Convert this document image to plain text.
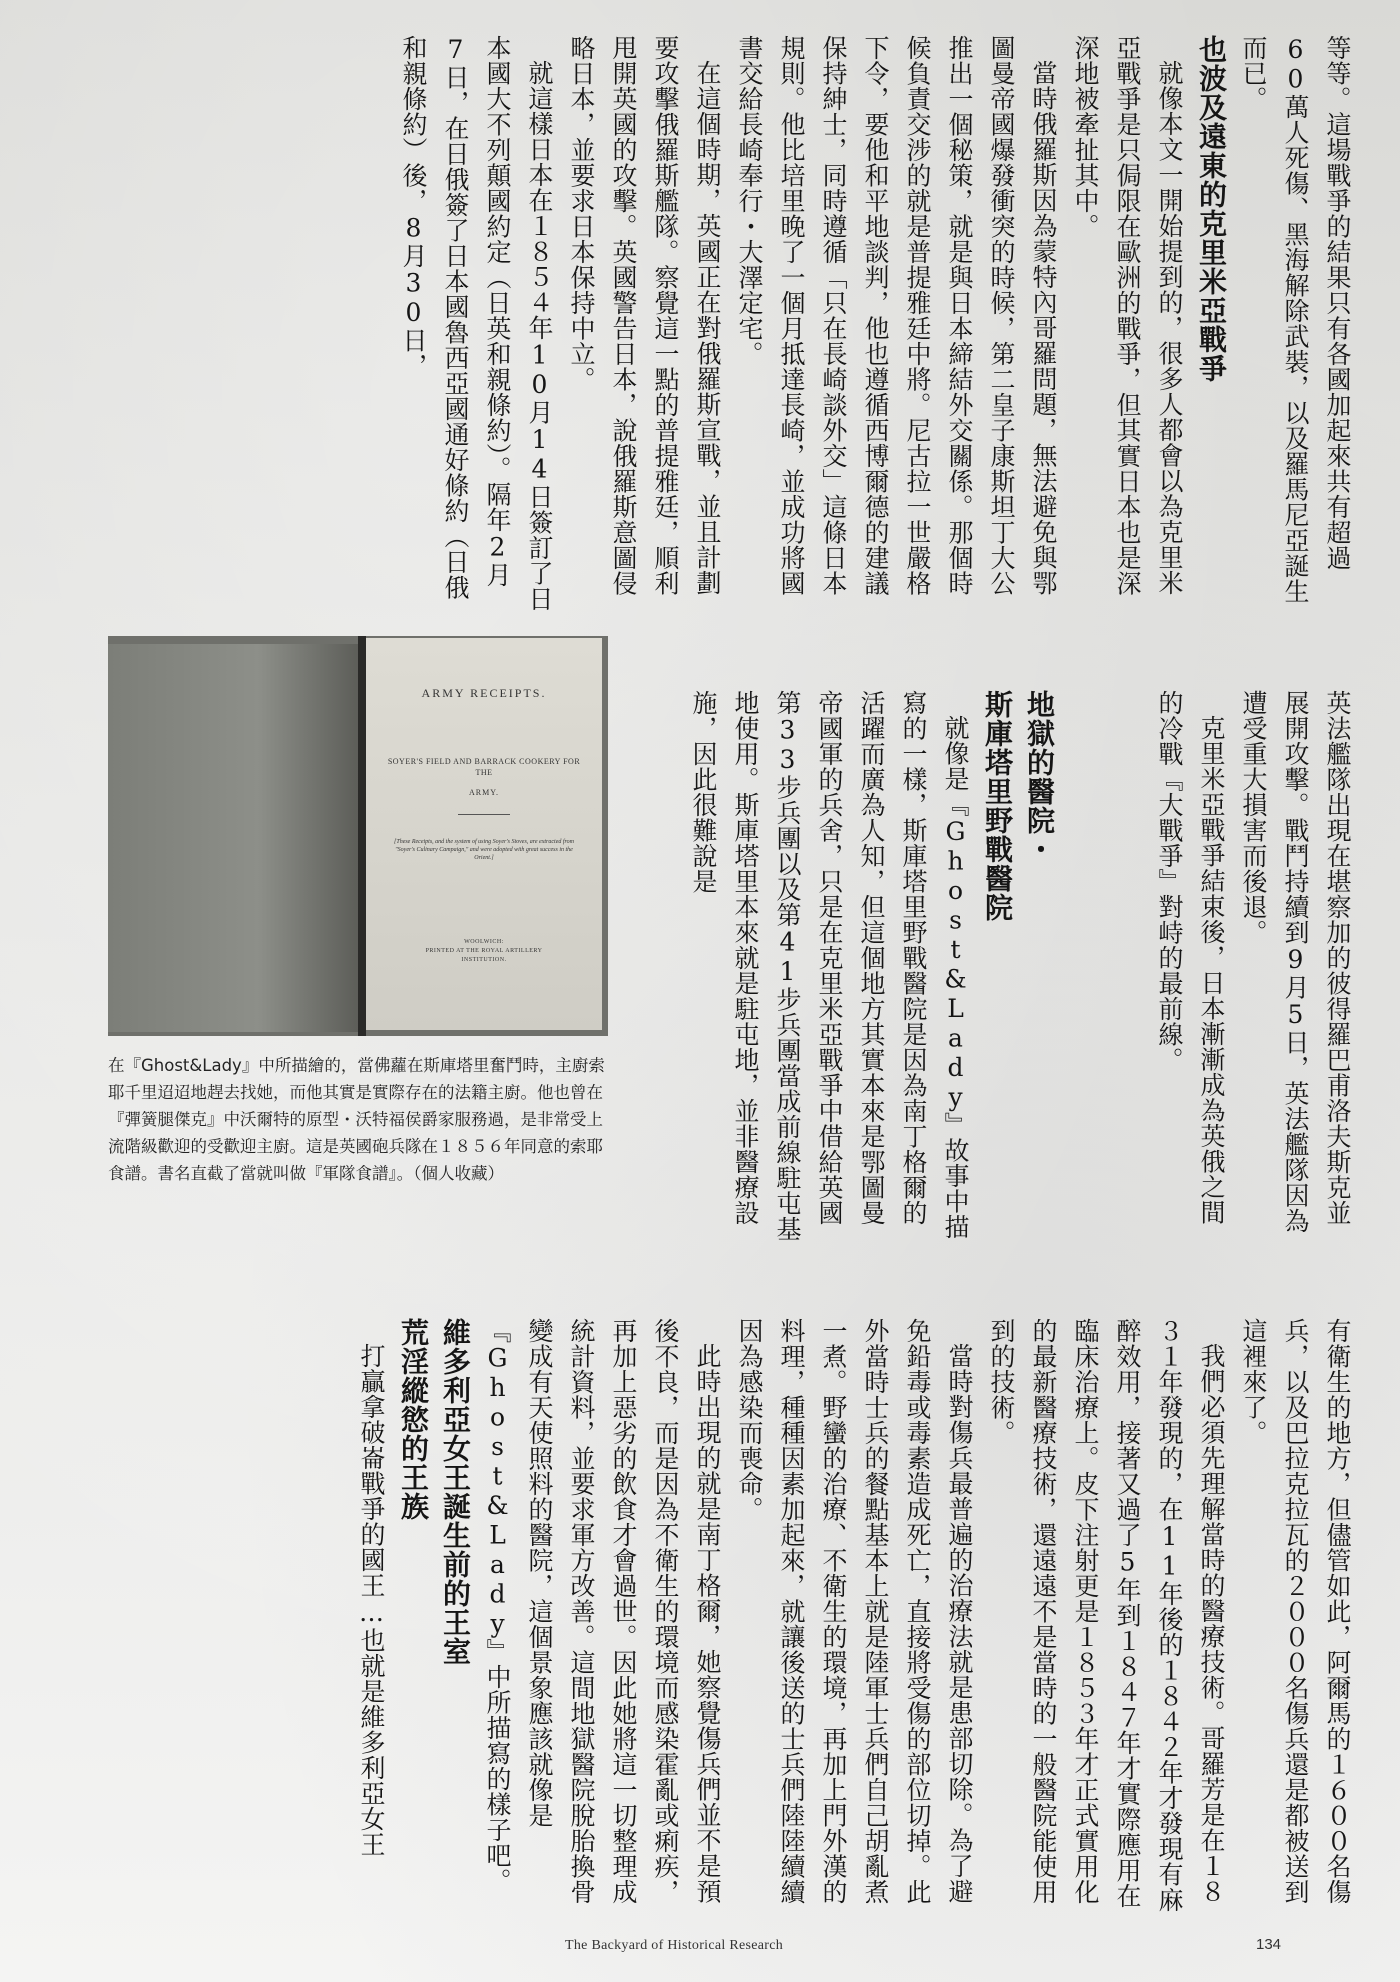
等等。這場戰爭的結果只有各國加起來共有超過60萬人死傷、黑海解除武裝，以及羅馬尼亞誕生而已。

也波及遠東的克里米亞戰爭

就像本文一開始提到的，很多人都會以為克里米亞戰爭是只侷限在歐洲的戰爭，但其實日本也是深深地被牽扯其中。

當時俄羅斯因為蒙特內哥羅問題，無法避免與鄂圖曼帝國爆發衝突的時候，第二皇子康斯坦丁大公推出一個秘策，就是與日本締結外交關係。那個時候負責交涉的就是普提雅廷中將。尼古拉一世嚴格下令，要他和平地談判，他也遵循西博爾德的建議保持紳士，同時遵循「只在長崎談外交」這條日本規則。他比培里晚了一個月抵達長崎，並成功將國書交給長崎奉行・大澤定宅。

在這個時期，英國正在對俄羅斯宣戰，並且計劃要攻擊俄羅斯艦隊。察覺這一點的普提雅廷，順利甩開英國的攻擊。英國警告日本，說俄羅斯意圖侵略日本，並要求日本保持中立。

就這樣日本在１８５４年10月14日簽訂了日本國大不列顛國約定（日英和親條約）。隔年2月7日，在日俄簽了日本國魯西亞國通好條約（日俄和親條約）後，8月30日，

英法艦隊出現在堪察加的彼得羅巴甫洛夫斯克並展開攻擊。戰鬥持續到9月5日，英法艦隊因為遭受重大損害而後退。

克里米亞戰爭結束後，日本漸漸成為英俄之間的冷戰『大戰爭』對峙的最前線。

地獄的醫院・
斯庫塔里野戰醫院

就像是『Ghost&Lady』故事中描寫的一樣，斯庫塔里野戰醫院是因為南丁格爾的活躍而廣為人知，但這個地方其實本來是鄂圖曼帝國軍的兵舍，只是在克里米亞戰爭中借給英國第33步兵團以及第41步兵團當成前線駐屯基地使用。斯庫塔里本來就是駐屯地，並非醫療設施，因此很難說是

有衛生的地方，但儘管如此，阿爾馬的１６００名傷兵，以及巴拉克拉瓦的２０００名傷兵還是都被送到這裡來了。

我們必須先理解當時的醫療技術。哥羅芳是在１８３１年發現的，在11年後的１８４２年才發現有麻醉效用，接著又過了5年到１８４７年才實際應用在臨床治療上。皮下注射更是１８５３年才正式實用化的最新醫療技術，還遠遠不是當時的一般醫院能使用到的技術。

當時對傷兵最普遍的治療法就是患部切除。為了避免鉛毒或毒素造成死亡，直接將受傷的部位切掉。此外當時士兵的餐點基本上就是陸軍士兵們自己胡亂煮一煮。野蠻的治療、不衛生的環境，再加上門外漢的料理，種種因素加起來，就讓後送的士兵們陸陸續續因為感染而喪命。

此時出現的就是南丁格爾，她察覺傷兵們並不是預後不良，而是因為不衛生的環境而感染霍亂或痢疾，再加上惡劣的飲食才會過世。因此她將這一切整理成統計資料，並要求軍方改善。這間地獄醫院脫胎換骨變成有天使照料的醫院，這個景象應該就像是『Ghost&Lady』中所描寫的樣子吧。

維多利亞女王誕生前的王室
荒淫縱慾的王族

打贏拿破崙戰爭的國王…也就是維多利亞女王

ARMY RECEIPTS.
SOYER'S FIELD AND BARRACK COOKERY FOR THE
ARMY.
[These Receipts, and the system of using Soyer's Stoves, are extracted from "Soyer's Culinary Campaign," and were adopted with great success in the Orient.]
WOOLWICH:
PRINTED AT THE ROYAL ARTILLERY INSTITUTION.

在『Ghost&Lady』中所描繪的，當佛蘿在斯庫塔里奮鬥時，主廚索耶千里迢迢地趕去找她，而他其實是實際存在的法籍主廚。他也曾在『彈簧腿傑克』中沃爾特的原型・沃特福侯爵家服務過，是非常受上流階級歡迎的受歡迎主廚。這是英國砲兵隊在１８５６年同意的索耶食譜。書名直截了當就叫做『軍隊食譜』。（個人收藏）

The Backyard of Historical Research	134
